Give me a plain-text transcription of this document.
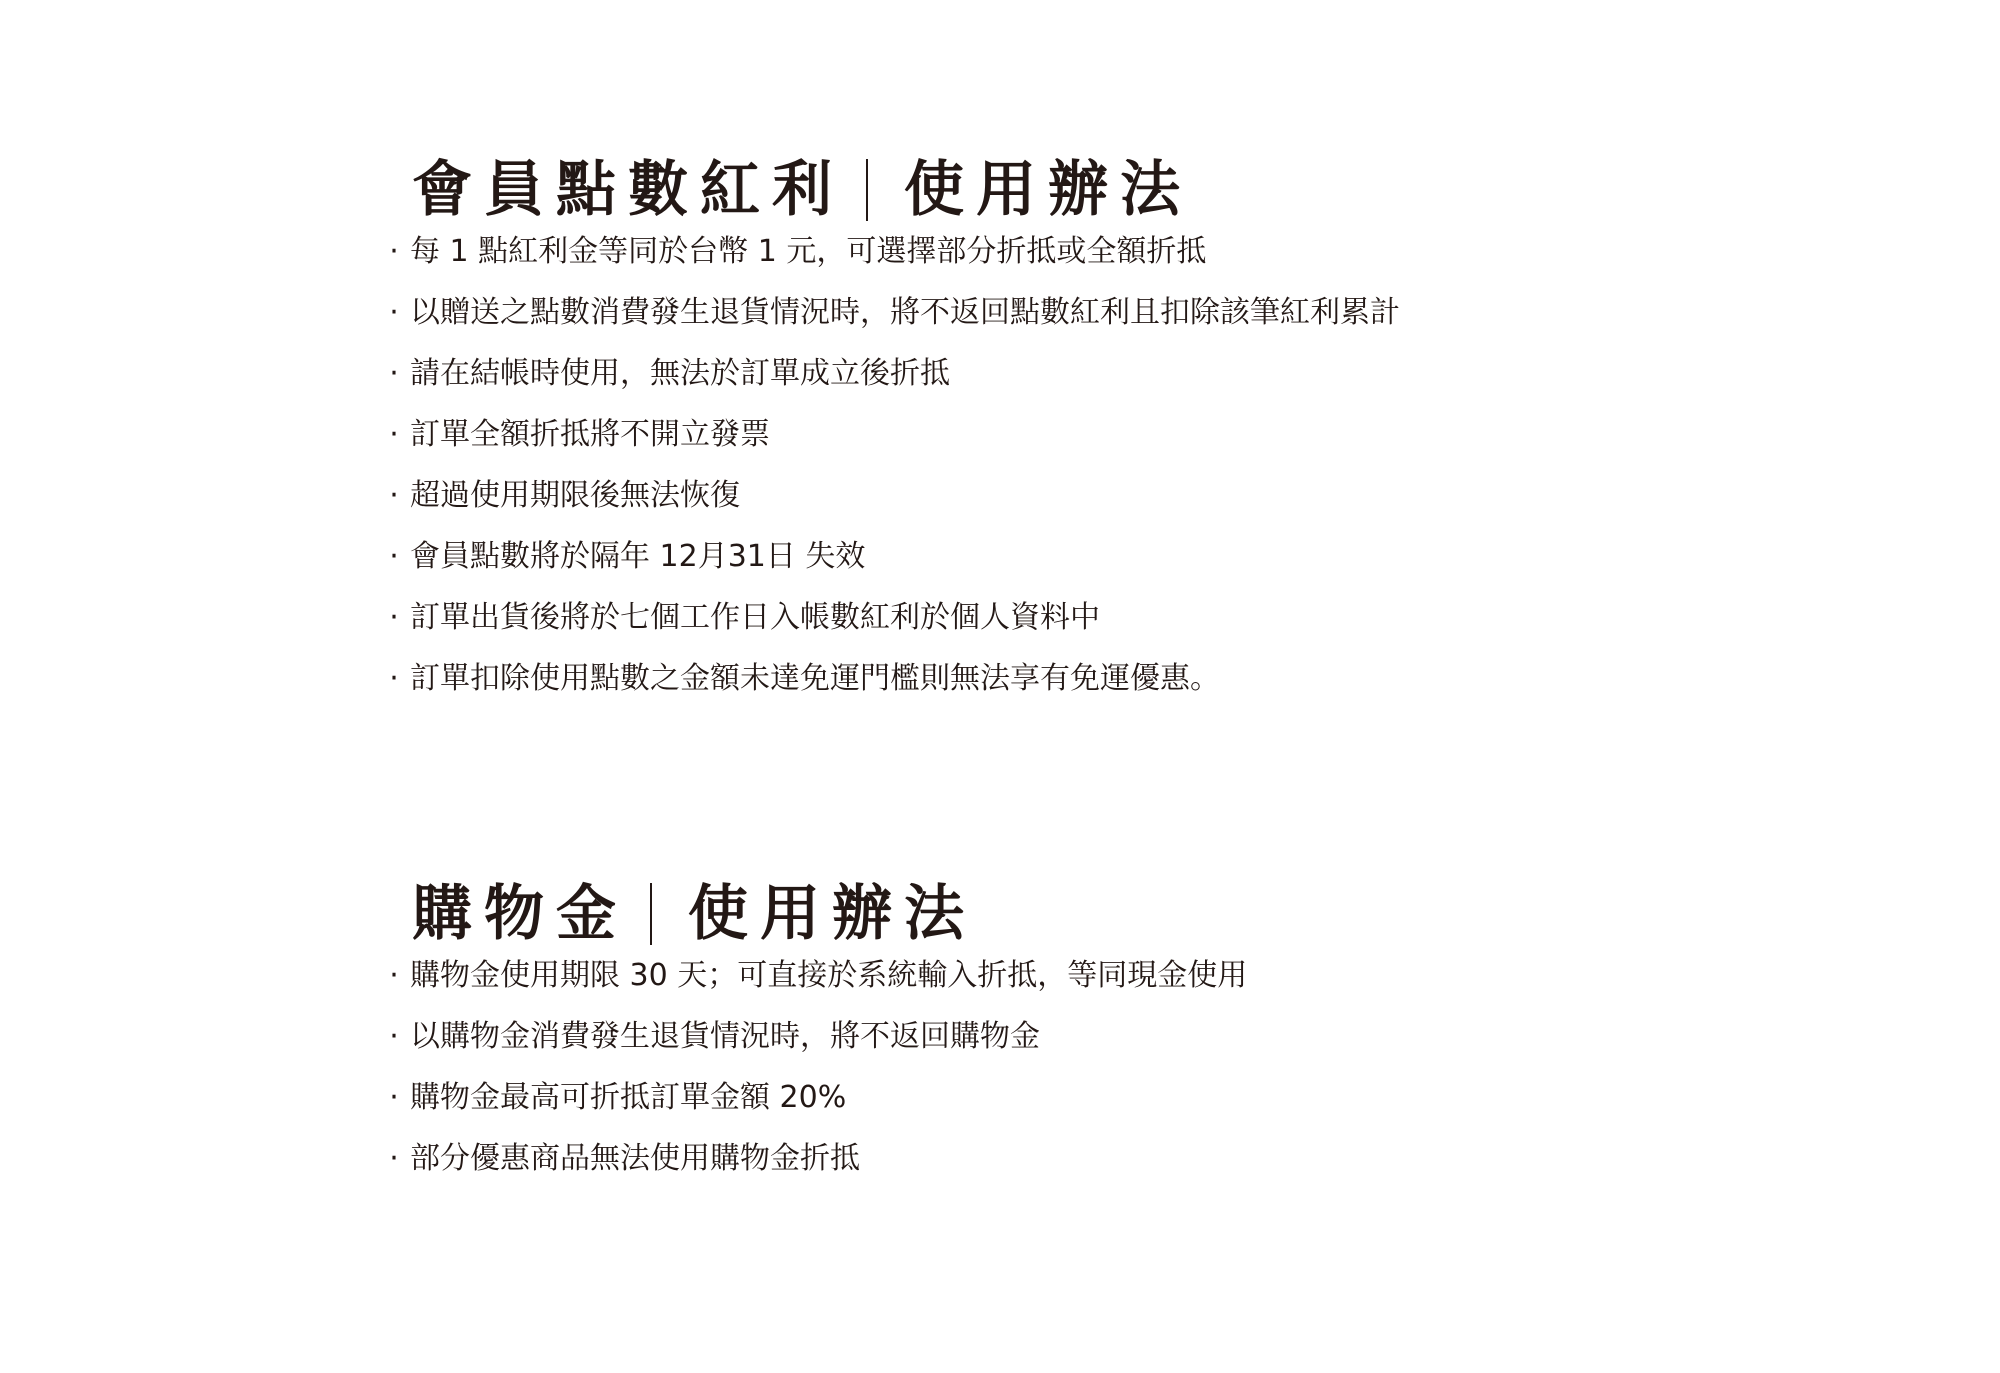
會員點數紅利 使用辦法
· 每 1 點紅利金等同於台幣 1 元，可選擇部分折抵或全額折抵
· 以贈送之點數消費發生退貨情況時，將不返回點數紅利且扣除該筆紅利累計
· 請在結帳時使用，無法於訂單成立後折抵
· 訂單全額折抵將不開立發票
· 超過使用期限後無法恢復
· 會員點數將於隔年 12月31日 失效
· 訂單出貨後將於七個工作日入帳數紅利於個人資料中
· 訂單扣除使用點數之金額未達免運門檻則無法享有免運優惠。
購物金 使用辦法
· 購物金使用期限 30 天；可直接於系統輸入折抵，等同現金使用
· 以購物金消費發生退貨情況時，將不返回購物金
· 購物金最高可折抵訂單金額 20%
· 部分優惠商品無法使用購物金折抵
